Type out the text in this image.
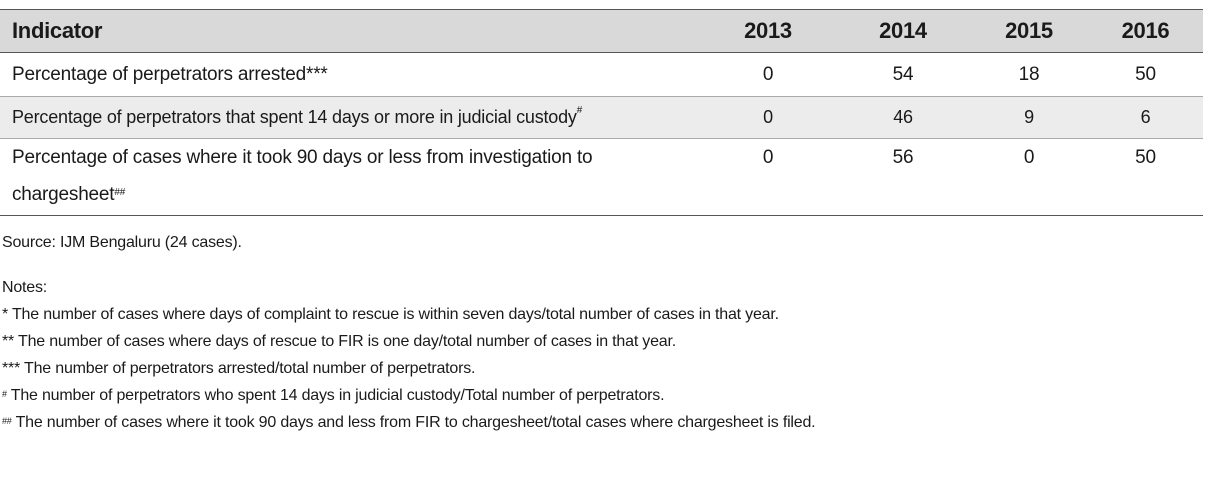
Indicator	2013	2014	2015	2016
Percentage of perpetrators arrested***	0	54	18	50
Percentage of perpetrators that spent 14 days or more in judicial custody#	0	46	9	6
Percentage of cases where it took 90 days or less from investigation to
chargesheet##	0	56	0	50
Source: IJM Bengaluru (24 cases).
Notes:
* The number of cases where days of complaint to rescue is within seven days/total number of cases in that year.
** The number of cases where days of rescue to FIR is one day/total number of cases in that year.
*** The number of perpetrators arrested/total number of perpetrators.
# The number of perpetrators who spent 14 days in judicial custody/Total number of perpetrators.
## The number of cases where it took 90 days and less from FIR to chargesheet/total cases where chargesheet is filed.
